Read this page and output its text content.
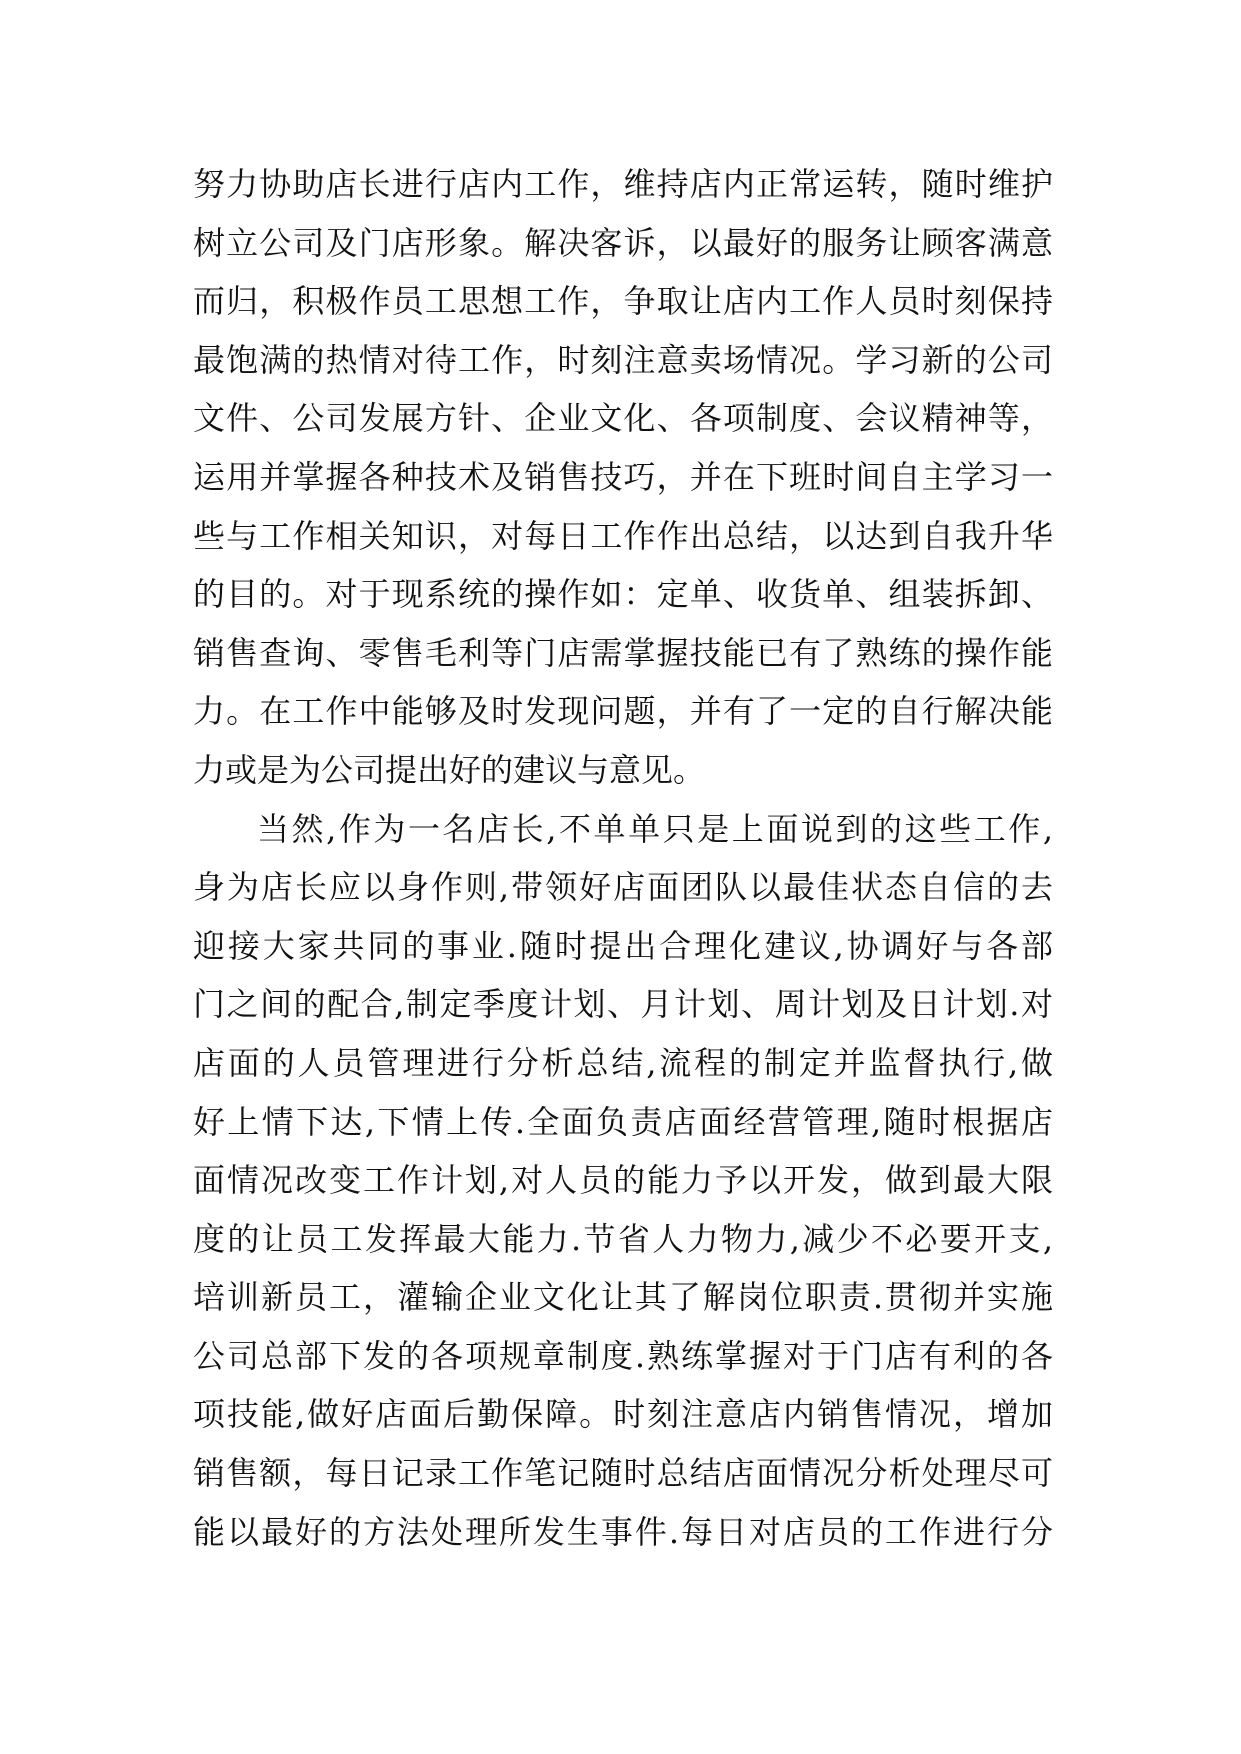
努力协助店长进行店内工作，维持店内正常运转，随时维护
树立公司及门店形象。解决客诉，以最好的服务让顾客满意
而归，积极作员工思想工作，争取让店内工作人员时刻保持
最饱满的热情对待工作，时刻注意卖场情况。学习新的公司
文件、公司发展方针、企业文化、各项制度、会议精神等，
运用并掌握各种技术及销售技巧，并在下班时间自主学习一
些与工作相关知识，对每日工作作出总结，以达到自我升华
的目的。对于现系统的操作如：定单、收货单、组装拆卸、
销售查询、零售毛利等门店需掌握技能已有了熟练的操作能
力。在工作中能够及时发现问题，并有了一定的自行解决能
力或是为公司提出好的建议与意见。
当然,作为一名店长,不单单只是上面说到的这些工作,
身为店长应以身作则,带领好店面团队以最佳状态自信的去
迎接大家共同的事业.随时提出合理化建议,协调好与各部
门之间的配合,制定季度计划、月计划、周计划及日计划.对
店面的人员管理进行分析总结,流程的制定并监督执行,做
好上情下达,下情上传.全面负责店面经营管理,随时根据店
面情况改变工作计划,对人员的能力予以开发，做到最大限
度的让员工发挥最大能力.节省人力物力,减少不必要开支,
培训新员工，灌输企业文化让其了解岗位职责.贯彻并实施
公司总部下发的各项规章制度.熟练掌握对于门店有利的各
项技能,做好店面后勤保障。时刻注意店内销售情况，增加
销售额，每日记录工作笔记随时总结店面情况分析处理尽可
能以最好的方法处理所发生事件.每日对店员的工作进行分
